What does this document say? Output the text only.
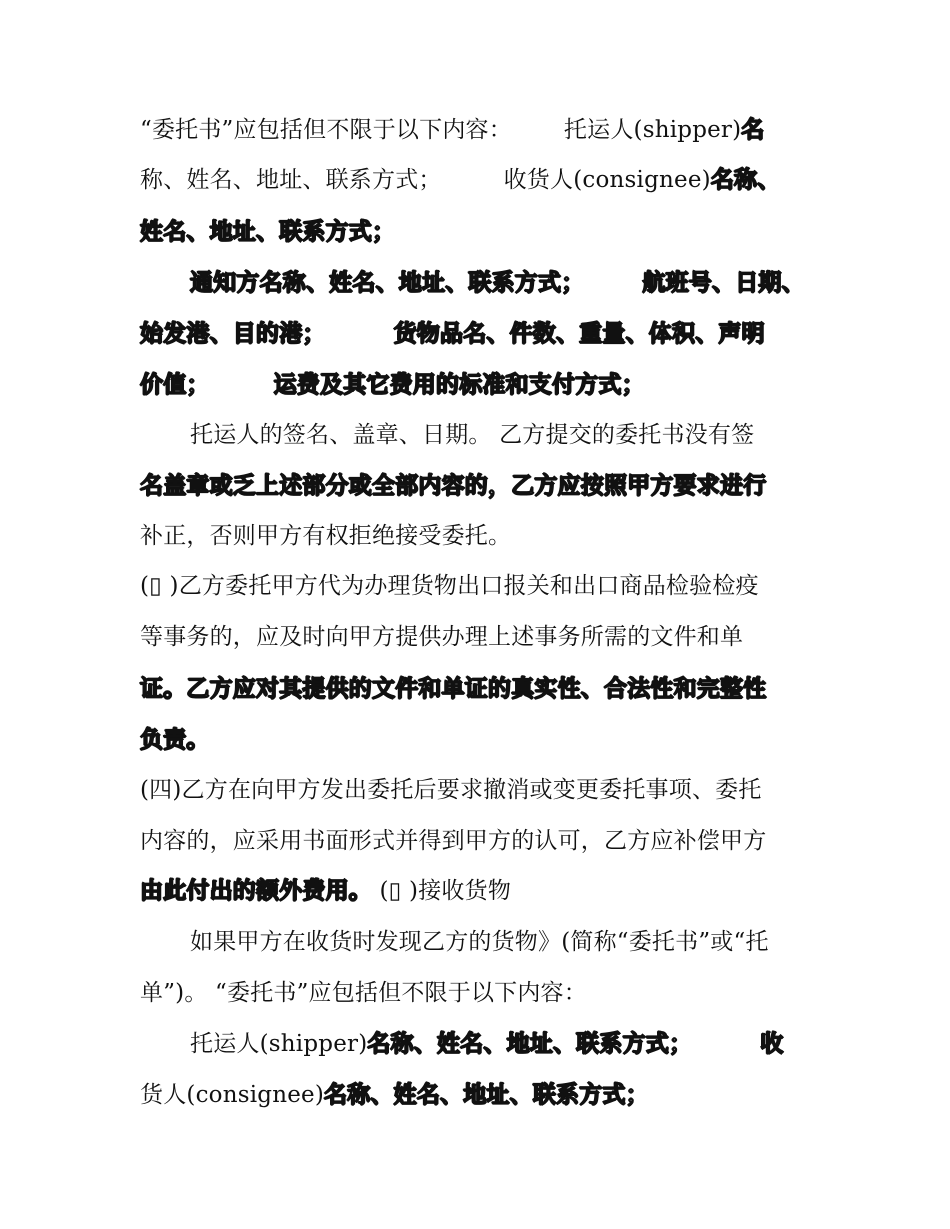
“委托书”应包括但不限于以下内容： 托运人(shipper)名
称、姓名、地址、联系方式；	收货人(consignee)名称、
姓名、地址、联系方式；
通知方名称、姓名、地址、联系方式；	航班号、日期、
始发港、目的港；	货物品名、件数、重量、体积、声明
价值；	运费及其它费用的标准和支付方式；
托运人的签名、盖章、日期。 乙方提交的委托书没有签
名盖章或乏上述部分或全部内容的，乙方应按照甲方要求进行
补正，否则甲方有权拒绝接受委托。
(▯ )乙方委托甲方代为办理货物出口报关和出口商品检验检疫
等事务的，应及时向甲方提供办理上述事务所需的文件和单
证。乙方应对其提供的文件和单证的真实性、合法性和完整性
负责。
(四)乙方在向甲方发出委托后要求撤消或变更委托事项、委托
内容的，应采用书面形式并得到甲方的认可，乙方应补偿甲方
由此付出的额外费用。 (▯ )接收货物
如果甲方在收货时发现乙方的货物》(简称“委托书”或“托
单”)。 “委托书”应包括但不限于以下内容：
托运人(shipper)名称、姓名、地址、联系方式；	收
货人(consignee)名称、姓名、地址、联系方式；
